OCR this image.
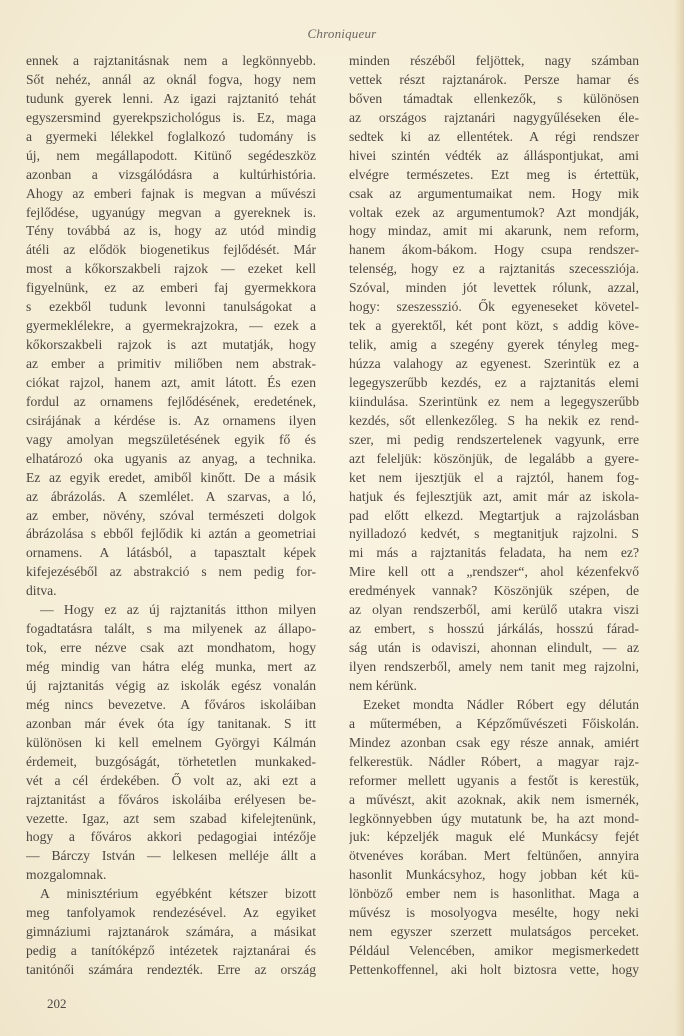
Chroniqueur
ennek a rajztanitásnak nem a legkönnyebb.
Sőt nehéz, annál az oknál fogva, hogy nem
tudunk gyerek lenni. Az igazi rajztanitó tehát
egyszersmind gyerekpszichológus is. Ez, maga
a gyermeki lélekkel foglalkozó tudomány is
új, nem megállapodott. Kitünő segédeszköz
azonban a vizsgálódásra a kultúrhistória.
Ahogy az emberi fajnak is megvan a művészi
fejlődése, ugyanúgy megvan a gyereknek is.
Tény továbbá az is, hogy az utód mindig
átéli az elődök biogenetikus fejlődését. Már
most a kőkorszakbeli rajzok — ezeket kell
figyelnünk, ez az emberi faj gyermekkora
s ezekből tudunk levonni tanulságokat a
gyermeklélekre, a gyermekrajzokra, — ezek a
kőkorszakbeli rajzok is azt mutatják, hogy
az ember a primitiv miliőben nem abstrak-
ciókat rajzol, hanem azt, amit látott. És ezen
fordul az ornamens fejlődésének, eredetének,
csirájának a kérdése is. Az ornamens ilyen
vagy amolyan megszületésének egyik fő és
elhatározó oka ugyanis az anyag, a technika.
Ez az egyik eredet, amiből kinőtt. De a másik
az ábrázolás. A szemlélet. A szarvas, a ló,
az ember, növény, szóval természeti dolgok
ábrázolása s ebből fejlődik ki aztán a geometriai
ornamens. A látásból, a tapasztalt képek
kifejezéséből az abstrakció s nem pedig for-
ditva.
— Hogy ez az új rajztanitás itthon milyen
fogadtatásra talált, s ma milyenek az állapo-
tok, erre nézve csak azt mondhatom, hogy
még mindig van hátra elég munka, mert az
új rajztanitás végig az iskolák egész vonalán
még nincs bevezetve. A főváros iskoláiban
azonban már évek óta így tanitanak. S itt
különösen ki kell emelnem Györgyi Kálmán
érdemeit, buzgóságát, törhetetlen munkaked-
vét a cél érdekében. Ő volt az, aki ezt a
rajztanitást a főváros iskoláiba erélyesen be-
vezette. Igaz, azt sem szabad kifelejtenünk,
hogy a főváros akkori pedagogiai intézője
— Bárczy István — lelkesen melléje állt a
mozgalomnak.
A minisztérium egyébként kétszer bizott
meg tanfolyamok rendezésével. Az egyiket
gimnáziumi rajztanárok számára, a másikat
pedig a tanítóképző intézetek rajztanárai és
tanitónői számára rendezték. Erre az ország
minden részéből feljöttek, nagy számban
vettek részt rajztanárok. Persze hamar és
bőven támadtak ellenkezők, s különösen
az országos rajztanári nagygyűléseken éle-
sedtek ki az ellentétek. A régi rendszer
hivei szintén védték az álláspontjukat, ami
elvégre természetes. Ezt meg is értettük,
csak az argumentumaikat nem. Hogy mik
voltak ezek az argumentumok? Azt mondják,
hogy mindaz, amit mi akarunk, nem reform,
hanem ákom-bákom. Hogy csupa rendszer-
telenség, hogy ez a rajztanitás szecessziója.
Szóval, minden jót levettek rólunk, azzal,
hogy: szeszesszió. Ők egyeneseket követel-
tek a gyerektől, két pont közt, s addig köve-
telik, amig a szegény gyerek tényleg meg-
húzza valahogy az egyenest. Szerintük ez a
legegyszerűbb kezdés, ez a rajztanitás elemi
kiindulása. Szerintünk ez nem a legegyszerűbb
kezdés, sőt ellenkezőleg. S ha nekik ez rend-
szer, mi pedig rendszertelenek vagyunk, erre
azt feleljük: köszönjük, de legalább a gyere-
ket nem ijesztjük el a rajztól, hanem fog-
hatjuk és fejlesztjük azt, amit már az iskola-
pad előtt elkezd. Megtartjuk a rajzolásban
nyilladozó kedvét, s megtanitjuk rajzolni. S
mi más a rajztanitás feladata, ha nem ez?
Mire kell ott a „rendszer“, ahol kézenfekvő
eredmények vannak? Köszönjük szépen, de
az olyan rendszerből, ami kerülő utakra viszi
az embert, s hosszú járkálás, hosszú fárad-
ság után is odaviszi, ahonnan elindult, — az
ilyen rendszerből, amely nem tanit meg rajzolni,
nem kérünk.
Ezeket mondta Nádler Róbert egy délután
a műtermében, a Képzőművészeti Főiskolán.
Mindez azonban csak egy része annak, amiért
felkerestük. Nádler Róbert, a magyar rajz-
reformer mellett ugyanis a festőt is kerestük,
a művészt, akit azoknak, akik nem ismernék,
legkönnyebben úgy mutatunk be, ha azt mond-
juk: képzeljék maguk elé Munkácsy fejét
ötvenéves korában. Mert feltünően, annyira
hasonlit Munkácsyhoz, hogy jobban két kü-
lönböző ember nem is hasonlithat. Maga a
művész is mosolyogva mesélte, hogy neki
nem egyszer szerzett mulatságos perceket.
Például Velencében, amikor megismerkedett
Pettenkoffennel, aki holt biztosra vette, hogy
202
